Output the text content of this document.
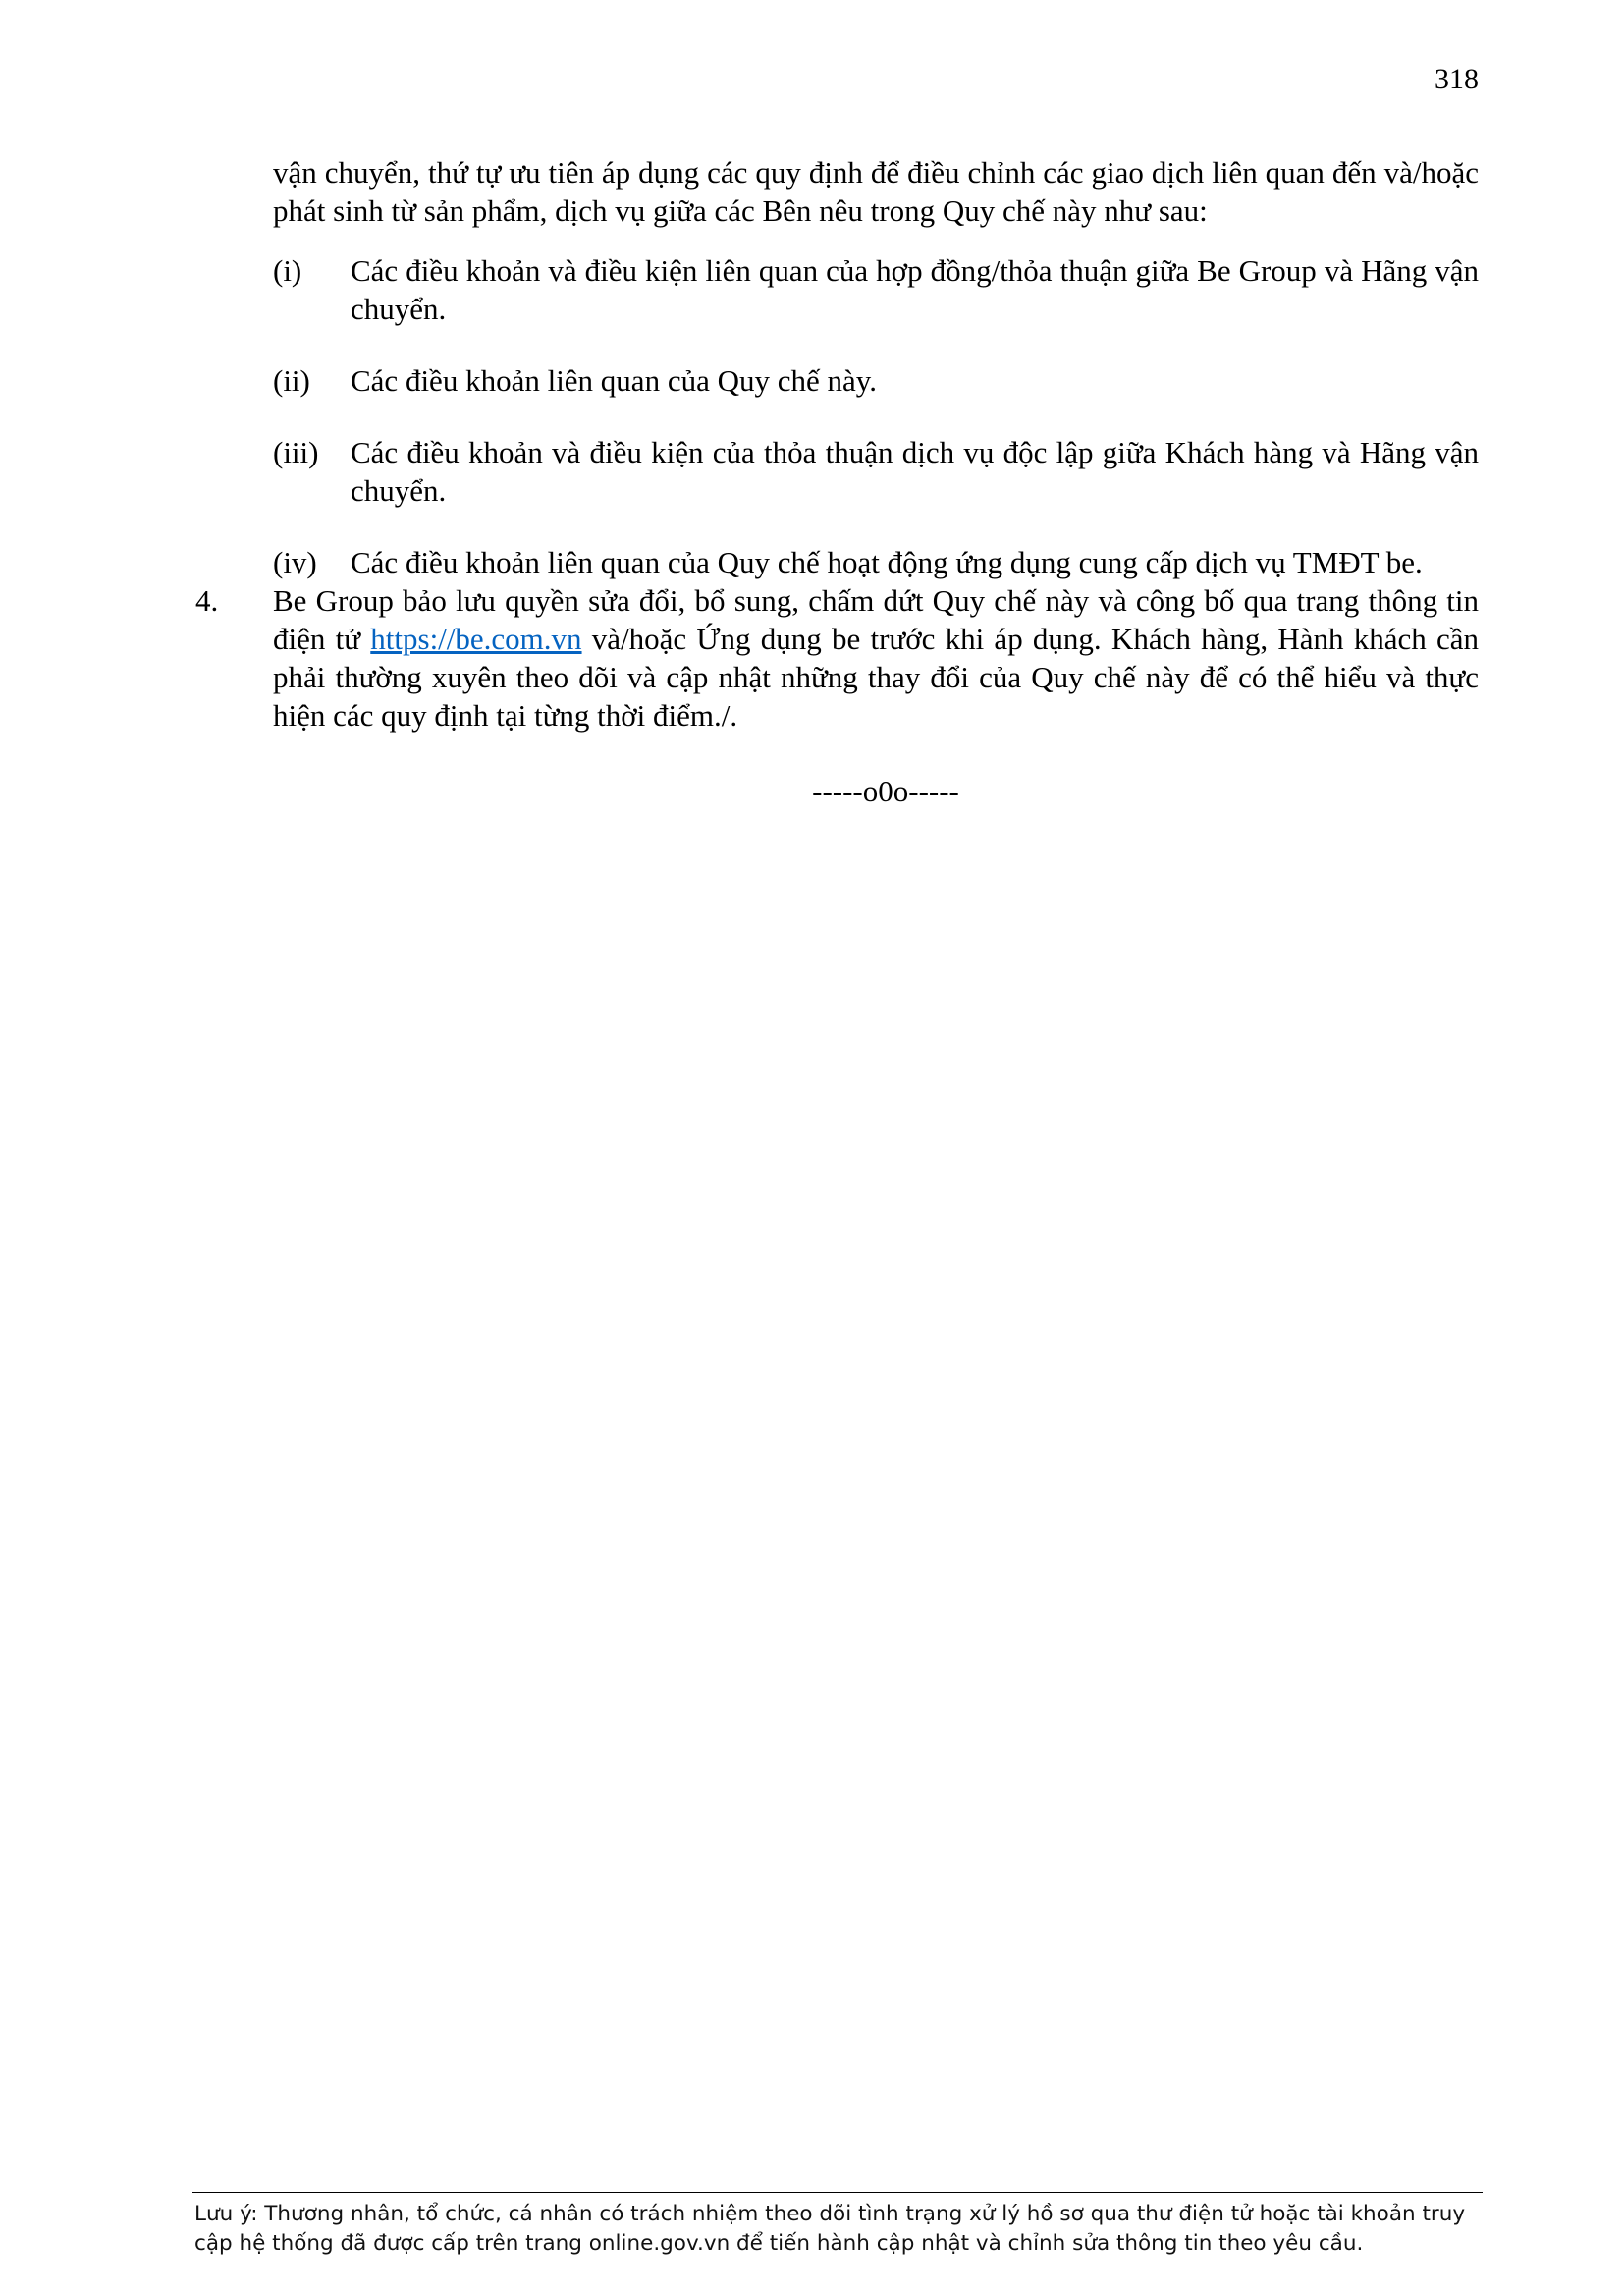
318

vận chuyển, thứ tự ưu tiên áp dụng các quy định để điều chỉnh các giao dịch liên quan đến và/hoặc phát sinh từ sản phẩm, dịch vụ giữa các Bên nêu trong Quy chế này như sau:

(i) Các điều khoản và điều kiện liên quan của hợp đồng/thỏa thuận giữa Be Group và Hãng vận chuyển.
(ii) Các điều khoản liên quan của Quy chế này.
(iii) Các điều khoản và điều kiện của thỏa thuận dịch vụ độc lập giữa Khách hàng và Hãng vận chuyển.
(iv) Các điều khoản liên quan của Quy chế hoạt động ứng dụng cung cấp dịch vụ TMĐT be.
4. Be Group bảo lưu quyền sửa đổi, bổ sung, chấm dứt Quy chế này và công bố qua trang thông tin điện tử https://be.com.vn và/hoặc Ứng dụng be trước khi áp dụng. Khách hàng, Hành khách cần phải thường xuyên theo dõi và cập nhật những thay đổi của Quy chế này để có thể hiểu và thực hiện các quy định tại từng thời điểm./.
-----o0o-----
Lưu ý: Thương nhân, tổ chức, cá nhân có trách nhiệm theo dõi tình trạng xử lý hồ sơ qua thư điện tử hoặc tài khoản truy cập hệ thống đã được cấp trên trang online.gov.vn để tiến hành cập nhật và chỉnh sửa thông tin theo yêu cầu.
